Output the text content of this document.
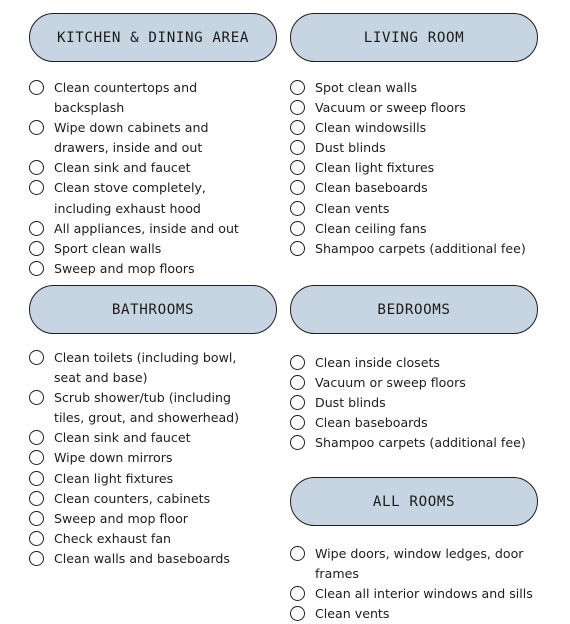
KITCHEN & DINING AREA
Clean countertops and backsplash
Wipe down cabinets and drawers, inside and out
Clean sink and faucet
Clean stove completely, including exhaust hood
All appliances, inside and out
Sport clean walls
Sweep and mop floors
LIVING ROOM
Spot clean walls
Vacuum or sweep floors
Clean windowsills
Dust blinds
Clean light fixtures
Clean baseboards
Clean vents
Clean ceiling fans
Shampoo carpets (additional fee)
BATHROOMS
Clean toilets (including bowl, seat and base)
Scrub shower/tub (including tiles, grout, and showerhead)
Clean sink and faucet
Wipe down mirrors
Clean light fixtures
Clean counters, cabinets
Sweep and mop floor
Check exhaust fan
Clean walls and baseboards
BEDROOMS
Clean inside closets
Vacuum or sweep floors
Dust blinds
Clean baseboards
Shampoo carpets (additional fee)
ALL ROOMS
Wipe doors, window ledges, door frames
Clean all interior windows and sills
Clean vents
